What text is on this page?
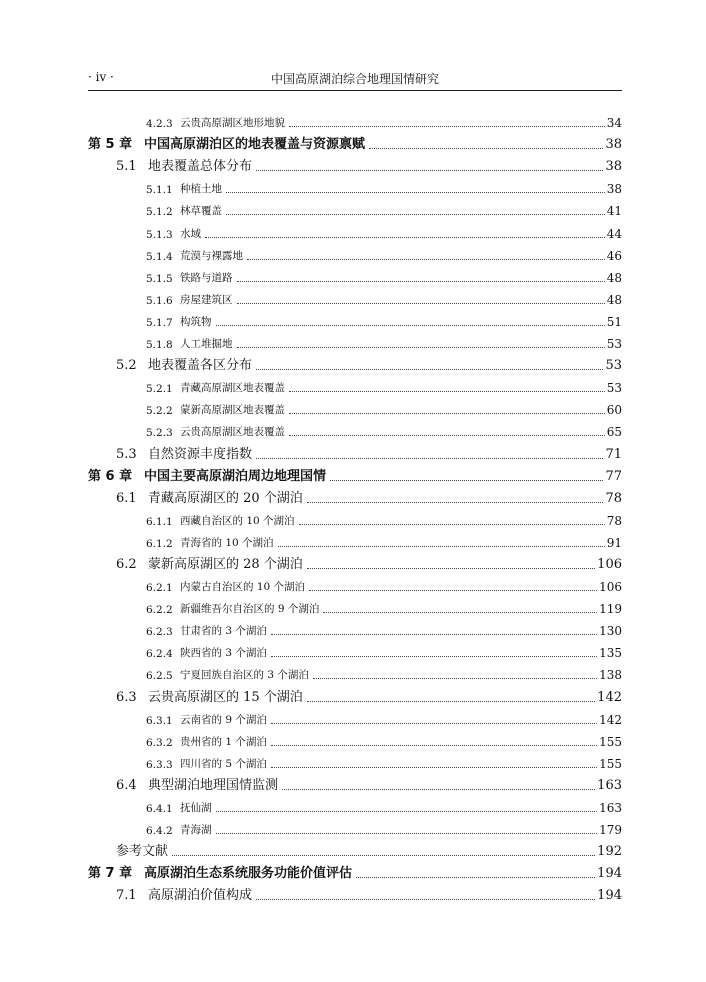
· iv ·	中国高原湖泊综合地理国情研究
4.2.3 云贵高原湖区地形地貌	34
第 5 章 中国高原湖泊区的地表覆盖与资源禀赋	38
5.1 地表覆盖总体分布	38
5.1.1 种植土地	38
5.1.2 林草覆盖	41
5.1.3 水域	44
5.1.4 荒漠与裸露地	46
5.1.5 铁路与道路	48
5.1.6 房屋建筑区	48
5.1.7 构筑物	51
5.1.8 人工堆掘地	53
5.2 地表覆盖各区分布	53
5.2.1 青藏高原湖区地表覆盖	53
5.2.2 蒙新高原湖区地表覆盖	60
5.2.3 云贵高原湖区地表覆盖	65
5.3 自然资源丰度指数	71
第 6 章 中国主要高原湖泊周边地理国情	77
6.1 青藏高原湖区的 20 个湖泊	78
6.1.1 西藏自治区的 10 个湖泊	78
6.1.2 青海省的 10 个湖泊	91
6.2 蒙新高原湖区的 28 个湖泊	106
6.2.1 内蒙古自治区的 10 个湖泊	106
6.2.2 新疆维吾尔自治区的 9 个湖泊	119
6.2.3 甘肃省的 3 个湖泊	130
6.2.4 陕西省的 3 个湖泊	135
6.2.5 宁夏回族自治区的 3 个湖泊	138
6.3 云贵高原湖区的 15 个湖泊	142
6.3.1 云南省的 9 个湖泊	142
6.3.2 贵州省的 1 个湖泊	155
6.3.3 四川省的 5 个湖泊	155
6.4 典型湖泊地理国情监测	163
6.4.1 抚仙湖	163
6.4.2 青海湖	179
参考文献	192
第 7 章 高原湖泊生态系统服务功能价值评估	194
7.1 高原湖泊价值构成	194
